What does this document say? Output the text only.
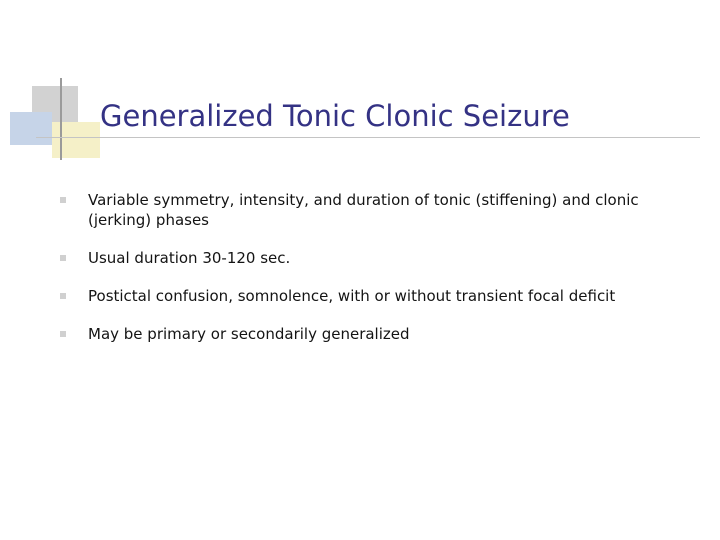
Generalized Tonic Clonic Seizure
Variable symmetry, intensity, and duration of tonic (stiffening) and clonic (jerking) phases
Usual duration 30-120 sec.
Postictal confusion, somnolence, with or without transient focal deficit
May be primary or secondarily generalized
